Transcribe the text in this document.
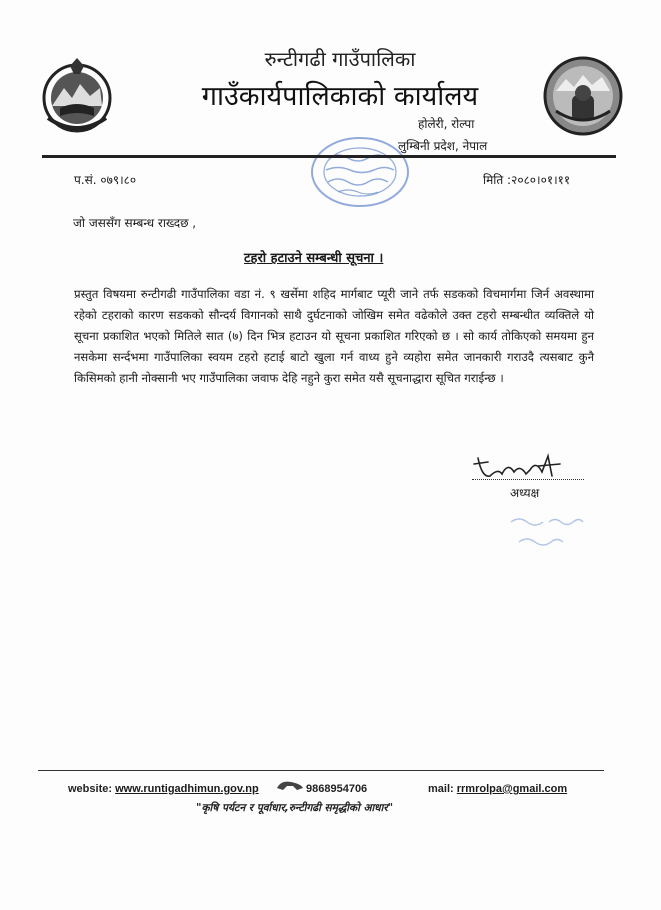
रुन्टीगढी गाउँपालिका
गाउँकार्यपालिकाको कार्यालय
होलेरी, रोल्पा
लुम्बिनी प्रदेश, नेपाल
प.सं. ०७९।८०	मिति :२०८०।०१।११
जो जससँग सम्बन्ध राख्दछ ,
टहरो हटाउने सम्बन्धी सूचना ।
प्रस्तुत विषयमा रुन्टीगढी गाउँपालिका वडा नं. ९ खर्सेमा शहिद मार्गबाट प्यूरी जाने तर्फ सडकको विचमार्गमा जिर्न अवस्थामा रहेको टहराको कारण सडकको सौन्दर्य विगानको साथै दुर्घटनाको जोखिम समेत वढेकोले उक्त टहरो सम्बन्धीत व्यक्तिले यो सूचना प्रकाशित भएको मितिले सात (७) दिन भित्र हटाउन यो सूचना प्रकाशित गरिएको छ । सो कार्य तोकिएको समयमा हुन नसकेमा सर्न्दभमा गाउँपालिका स्वयम टहरो हटाई बाटो खुला गर्न वाध्य हुने व्यहोरा समेत जानकारी गराउदै त्यसबाट कुनै किसिमको हानी नोक्सानी भए गाउँपालिका जवाफ देहि नहुने कुरा समेत यसै सूचनाद्धारा सूचित गराईन्छ ।
अध्यक्ष
website: www.runtigadhimun.gov.np	9868954706	mail: rrmrolpa@gmail.com
"कृषि पर्यटन र पूर्वाधार,रुन्टीगढी समृद्धीको आधार"
